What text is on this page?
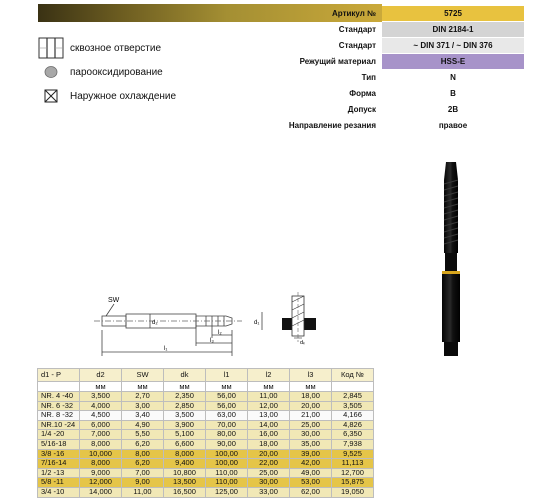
Артикул №	5725
Стандарт	DIN 2184-1
Стандарт	~ DIN 371 / ~ DIN 376
Режущий материал	HSS-E
Тип	N
Форма	B
Допуск	2B
Направление резания	правое
сквозное отверстие
парооксидирование
Наружное охлаждение
SW
d₂
l₂
l₃
l₁
d₁
dₖ
d1 - P	d2	SW	dk	l1	l2	l3	Код №
	мм	мм	мм	мм	мм	мм	
NR. 4 -40	3,500	2,70	2,350	56,00	11,00	18,00	2,845
NR. 6 -32	4,000	3,00	2,850	56,00	12,00	20,00	3,505
NR. 8 -32	4,500	3,40	3,500	63,00	13,00	21,00	4,166
NR.10 -24	6,000	4,90	3,900	70,00	14,00	25,00	4,826
1/4 -20	7,000	5,50	5,100	80,00	16,00	30,00	6,350
5/16-18	8,000	6,20	6,600	90,00	18,00	35,00	7,938
3/8 -16	10,000	8,00	8,000	100,00	20,00	39,00	9,525
7/16-14	8,000	6,20	9,400	100,00	22,00	42,00	11,113
1/2 -13	9,000	7,00	10,800	110,00	25,00	49,00	12,700
5/8 -11	12,000	9,00	13,500	110,00	30,00	53,00	15,875
3/4 -10	14,000	11,00	16,500	125,00	33,00	62,00	19,050
